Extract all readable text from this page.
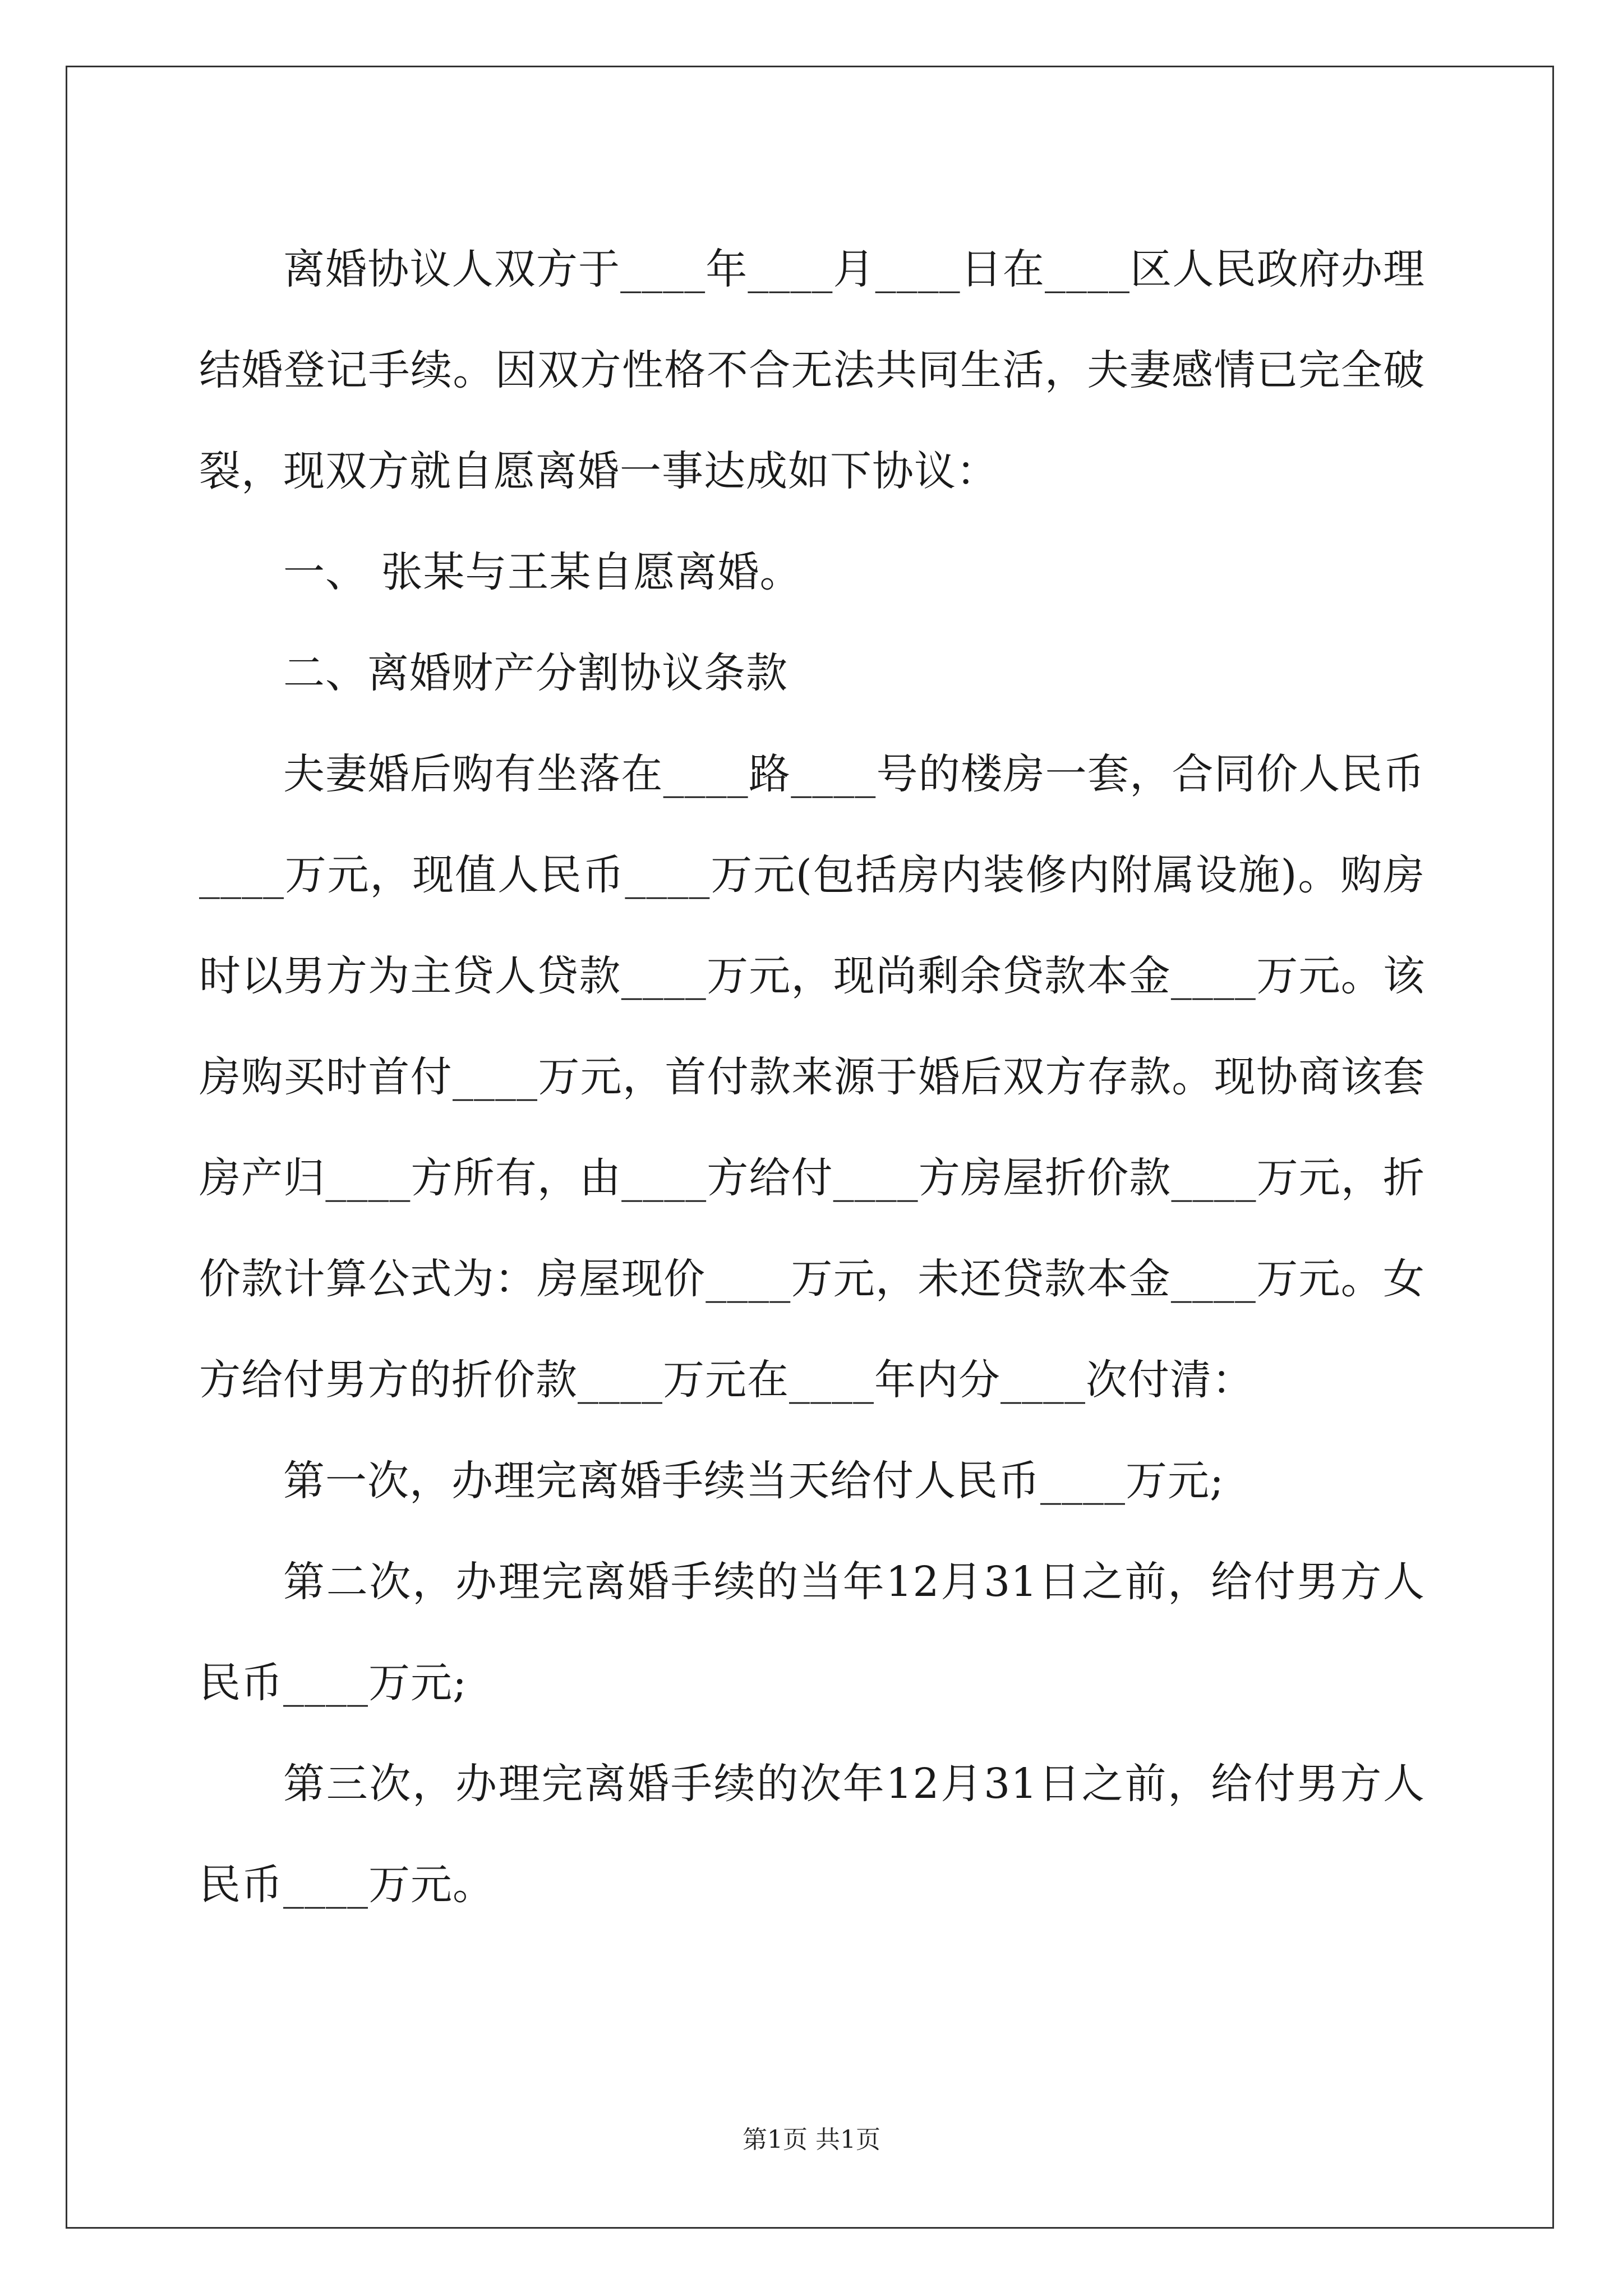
离婚协议人双方于____年____月____日在____区人民政府办理结婚登记手续。因双方性格不合无法共同生活，夫妻感情已完全破裂，现双方就自愿离婚一事达成如下协议：

一、 张某与王某自愿离婚。

二、离婚财产分割协议条款

夫妻婚后购有坐落在____路____号的楼房一套，合同价人民币____万元，现值人民币____万元(包括房内装修内附属设施)。购房时以男方为主贷人贷款____万元，现尚剩余贷款本金____万元。该房购买时首付____万元，首付款来源于婚后双方存款。现协商该套房产归____方所有，由____方给付____方房屋折价款____万元，折价款计算公式为：房屋现价____万元，未还贷款本金____万元。女方给付男方的折价款____万元在____年内分____次付清：

第一次，办理完离婚手续当天给付人民币____万元;

第二次，办理完离婚手续的当年12月31日之前，给付男方人民币____万元;

第三次，办理完离婚手续的次年12月31日之前，给付男方人民币____万元。

第1页 共1页
